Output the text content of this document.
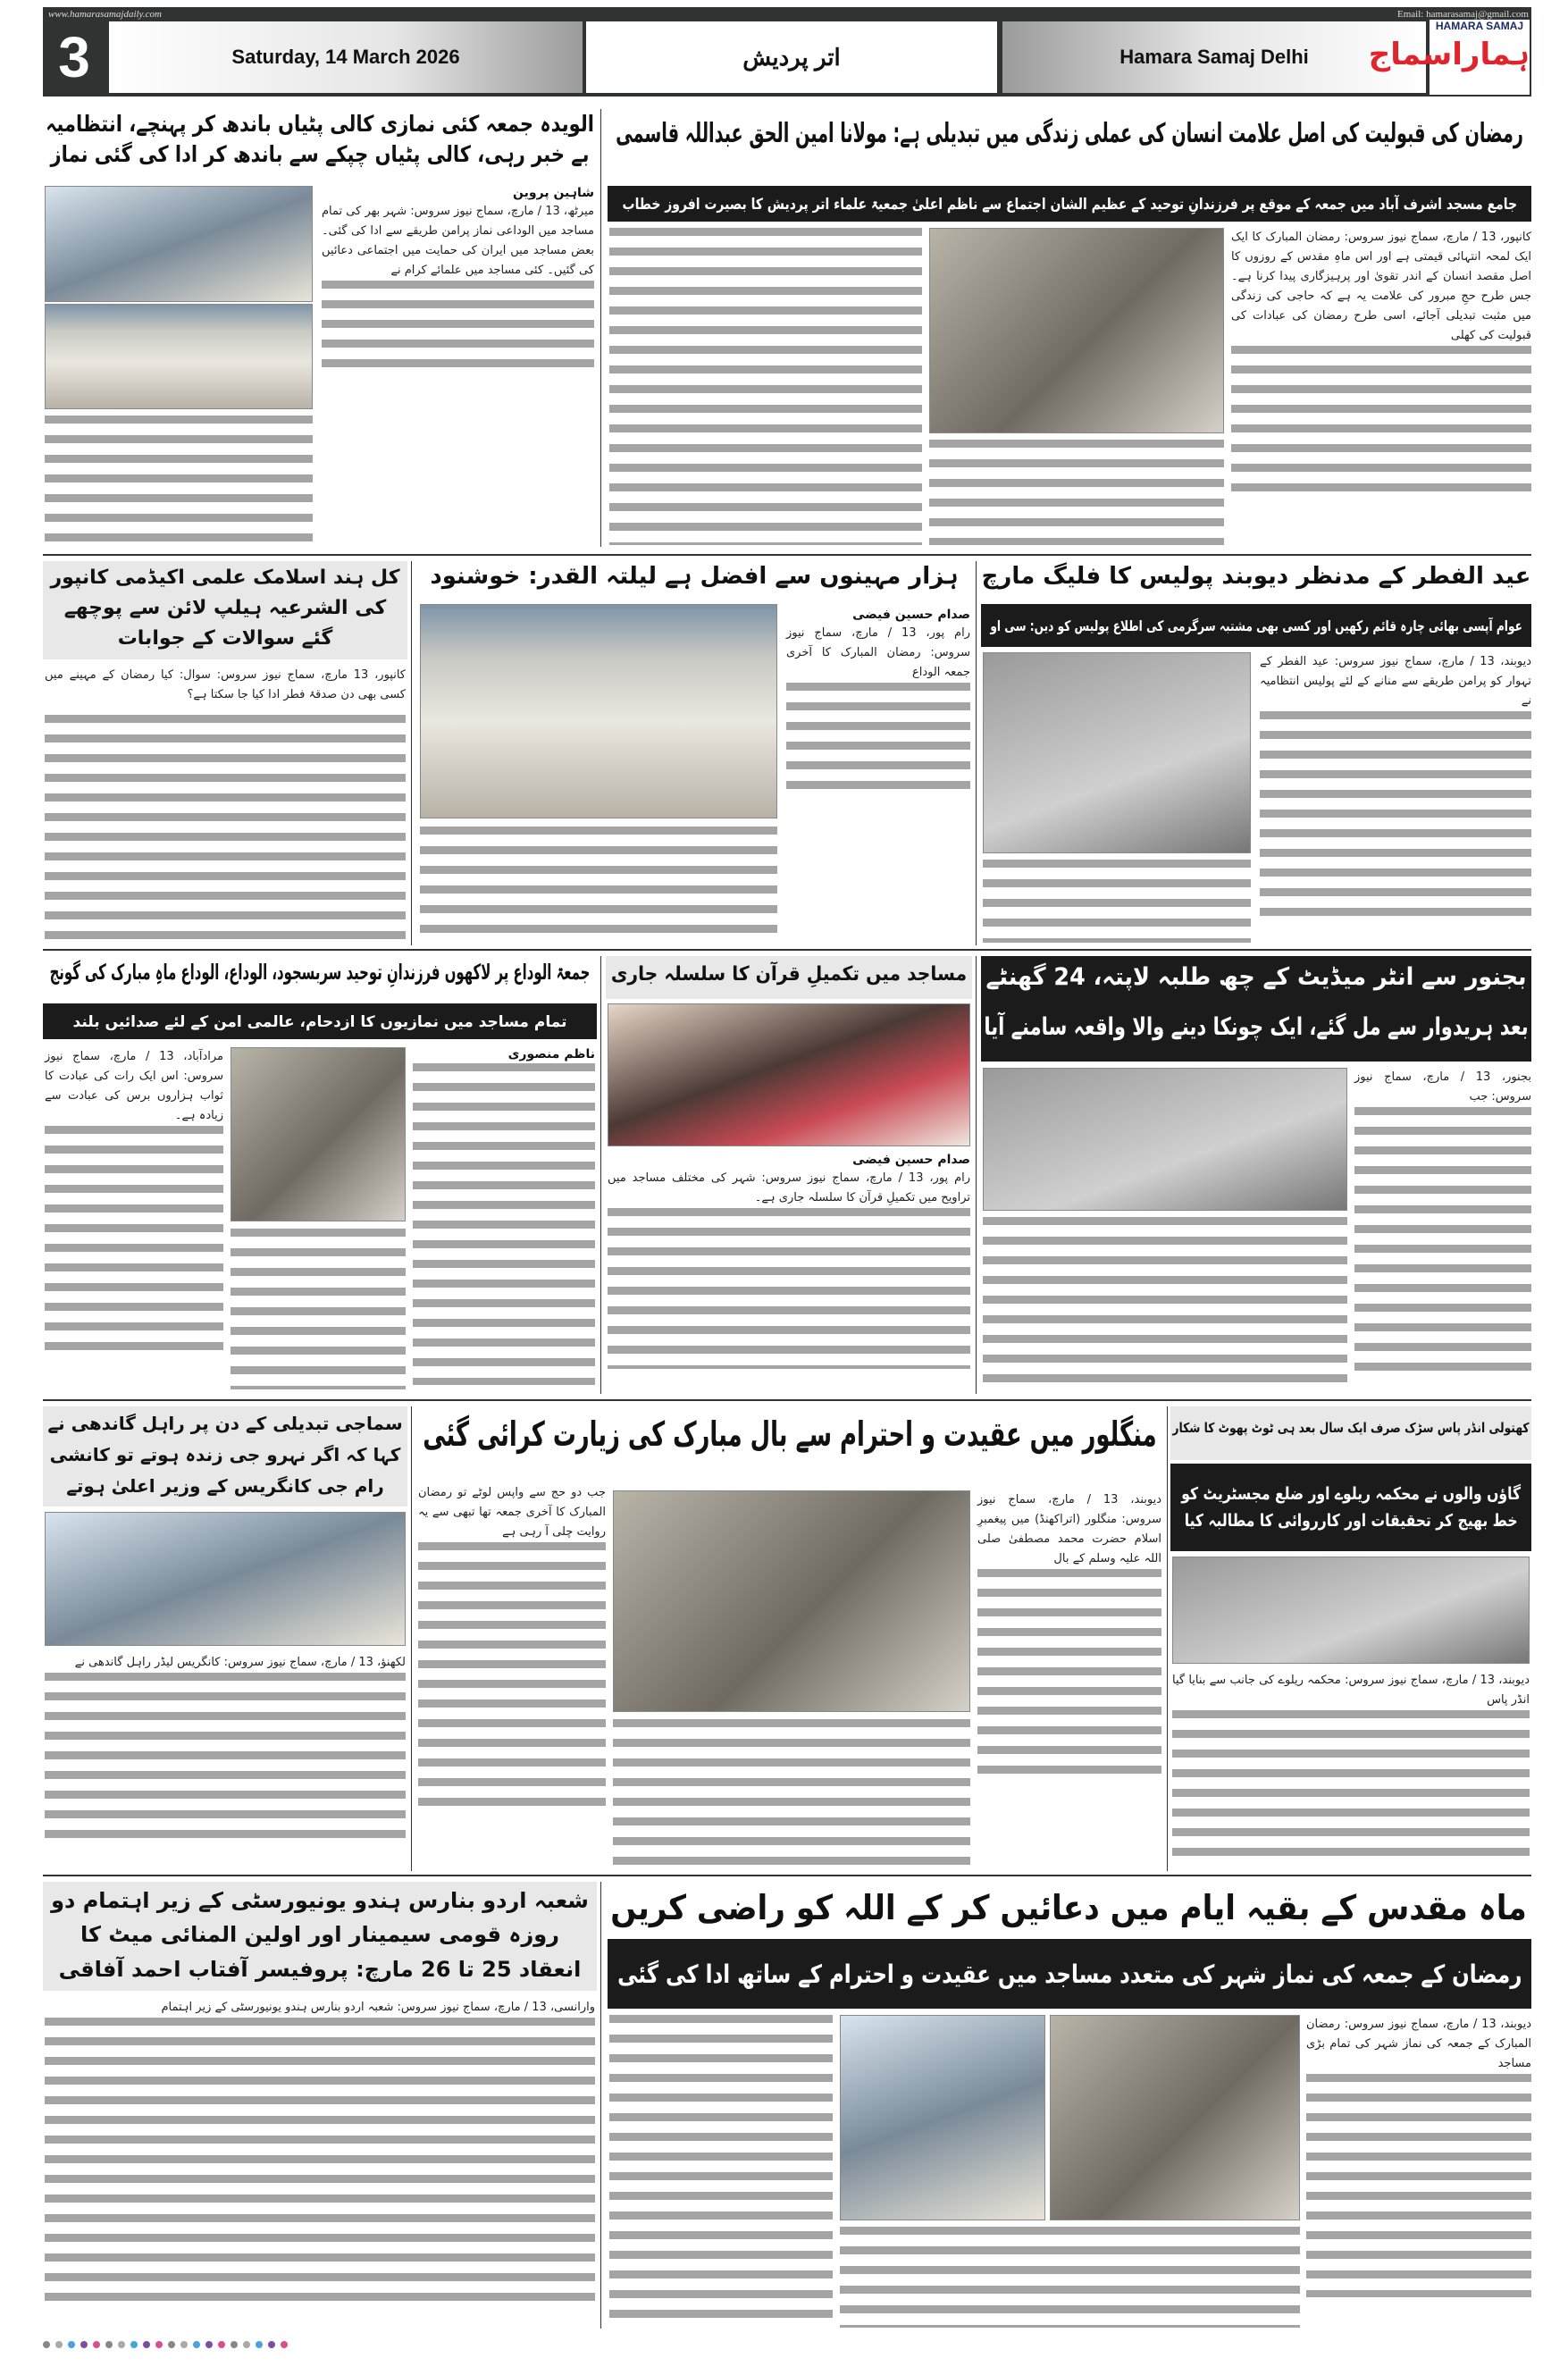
www.hamarasamajdaily.com	Email: hamarasamaj@gmail.com
3	Saturday, 14 March 2026	اتر پردیش	Hamara Samaj Delhi
HAMARA SAMAJ
ہماراسماج
الویدہ جمعہ کئی نمازی کالی پٹیاں باندھ کر پہنچے، انتظامیہ بے خبر رہی، کالی پٹیاں چپکے سے باندھ کر ادا کی گئی نماز
شاہین پروین
میرٹھ، 13 / مارچ، سماج نیوز سروس: شہر بھر کی تمام مساجد میں الوداعی نماز پرامن طریقے سے ادا کی گئی۔ بعض مساجد میں ایران کی حمایت میں اجتماعی دعائیں کی گئیں۔ کئی مساجد میں علمائے کرام نے
رمضان کی قبولیت کی اصل علامت انسان کی عملی زندگی میں تبدیلی ہے: مولانا امین الحق عبداللہ قاسمی
جامع مسجد اشرف آباد میں جمعہ کے موقع پر فرزندانِ توحید کے عظیم الشان اجتماع سے ناظم اعلیٰ جمعیۃ علماء اتر پردیش کا بصیرت افروز خطاب
کانپور، 13 / مارچ، سماج نیوز سروس: رمضان المبارک کا ایک ایک لمحہ انتہائی قیمتی ہے اور اس ماہِ مقدس کے روزوں کا اصل مقصد انسان کے اندر تقویٰ اور پرہیزگاری پیدا کرنا ہے۔ جس طرح حجِ مبرور کی علامت یہ ہے کہ حاجی کی زندگی میں مثبت تبدیلی آجائے، اسی طرح رمضان کی عبادات کی قبولیت کی کھلی
کل ہند اسلامک علمی اکیڈمی کانپور کی الشرعیہ ہیلپ لائن سے پوچھے گئے سوالات کے جوابات
کانپور، 13 مارچ، سماج نیوز سروس: سوال: کیا رمضان کے مہینے میں کسی بھی دن صدقۂ فطر ادا کیا جا سکتا ہے؟
ہزار مہینوں سے افضل ہے لیلتہ القدر: خوشنود
صدام حسین فیضی
رام پور، 13 / مارچ، سماج نیوز سروس: رمضان المبارک کا آخری جمعہ الوداع
عید الفطر کے مدنظر دیوبند پولیس کا فلیگ مارچ
عوام آپسی بھائی چارہ قائم رکھیں اور کسی بھی مشتبہ سرگرمی کی اطلاع پولیس کو دیں: سی او
دیوبند، 13 / مارچ، سماج نیوز سروس: عید الفطر کے تہوار کو پرامن طریقے سے منانے کے لئے پولیس انتظامیہ نے
جمعۃ الوداع پر لاکھوں فرزندانِ توحید سربسجود، الوداع، الوداع ماہِ مبارک کی گونج
تمام مساجد میں نمازیوں کا ازدحام، عالمی امن کے لئے صدائیں بلند
مرادآباد، 13 / مارچ، سماج نیوز سروس: اس ایک رات کی عبادت کا ثواب ہزاروں برس کی عبادت سے زیادہ ہے۔
ناظم منصوری
مساجد میں تکمیلِ قرآن کا سلسلہ جاری
صدام حسین فیضی
رام پور، 13 / مارچ، سماج نیوز سروس: شہر کی مختلف مساجد میں تراویح میں تکمیلِ قرآن کا سلسلہ جاری ہے۔
بجنور سے انٹر میڈیٹ کے چھ طلبہ لاپتہ، 24 گھنٹے
بعد ہریدوار سے مل گئے، ایک چونکا دینے والا واقعہ سامنے آیا
بجنور، 13 / مارچ، سماج نیوز سروس: جب
سماجی تبدیلی کے دن پر راہل گاندھی نے کہا کہ اگر نہرو جی زندہ ہوتے تو کانشی رام جی کانگریس کے وزیر اعلیٰ ہوتے
لکھنؤ، 13 / مارچ، سماج نیوز سروس: کانگریس لیڈر راہل گاندھی نے
منگلور میں عقیدت و احترام سے بال مبارک کی زیارت کرائی گئی
جب دو حج سے واپس لوٹے تو رمضان المبارک کا آخری جمعہ تھا تبھی سے یہ روایت چلی آ رہی ہے
دیوبند، 13 / مارچ، سماج نیوز سروس: منگلور (اتراکھنڈ) میں پیغمبرِ اسلام حضرت محمد مصطفیٰ صلی اللہ علیہ وسلم کے بال
کھتولی انڈر پاس سڑک صرف ایک سال بعد ہی ٹوٹ پھوٹ کا شکار
گاؤں والوں نے محکمہ ریلوے اور ضلع مجسٹریٹ کو خط بھیج کر تحقیقات اور کارروائی کا مطالبہ کیا
دیوبند، 13 / مارچ، سماج نیوز سروس: محکمہ ریلوے کی جانب سے بنایا گیا انڈر پاس
شعبہ اردو بنارس ہندو یونیورسٹی کے زیر اہتمام دو روزہ قومی سیمینار اور اولین المنائی میٹ کا انعقاد 25 تا 26 مارچ: پروفیسر آفتاب احمد آفاقی
وارانسی، 13 / مارچ، سماج نیوز سروس: شعبہ اردو بنارس ہندو یونیورسٹی کے زیر اہتمام
ماہ مقدس کے بقیہ ایام میں دعائیں کر کے اللہ کو راضی کریں
رمضان کے جمعہ کی نماز شہر کی متعدد مساجد میں عقیدت و احترام کے ساتھ ادا کی گئی
دیوبند، 13 / مارچ، سماج نیوز سروس: رمضان المبارک کے جمعہ کی نماز شہر کی تمام بڑی مساجد
